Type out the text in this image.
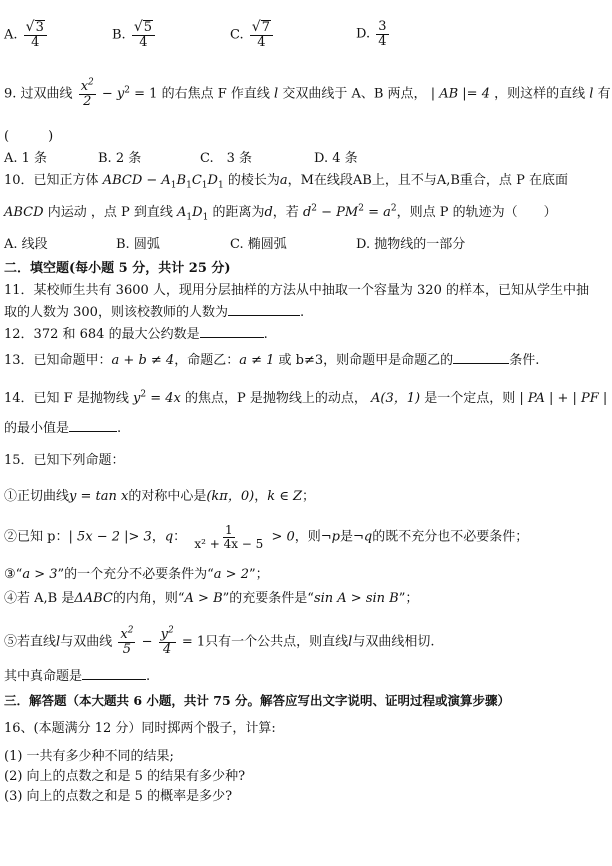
A. $\frac{√ 3}{4}$	B. $\frac{√ 5}{4}$	C. $\frac{√ 7}{4}$	D. $\frac{3}{4}$
9. 过双曲线 $\frac{x^2}{2} - y^2 = 1$ 的右焦点 F 作直线 l 交双曲线于 A、B 两点， | AB |= 4 ，则这样的直线 l 有
(　　　)
A. 1 条	B. 2 条	C.　3 条	D. 4 条
10．已知正方体 ABCD − $A_1B_1C_1D_1$ 的棱长为a，M在线段AB上，且不与A,B重合，点 P 在底面
ABCD 内运动 ，点 P 到直线 $A_1D_1$ 的距离为d，若 $d^2 - PM^2 = a^2$，则点 P 的轨迹为（　　）
A. 线段	B. 圆弧	C. 椭圆弧	D. 抛物线的一部分
二．填空题(每小题 5 分，共计 25 分)
11．某校师生共有 3600 人，现用分层抽样的方法从中抽取一个容量为 320 的样本，已知从学生中抽
取的人数为 300，则该校教师的人数为	.
12．372 和 684 的最大公约数是	.
13．已知命题甲：a + b ≠ 4，命题乙：a ≠ 1 或 b≠3，则命题甲是命题乙的	条件.
14．已知 F 是抛物线 $y^2 = 4x$ 的焦点，P 是抛物线上的动点， A(3，1) 是一个定点，则 | PA | + | PF |
的最小值是	.
15．已知下列命题：
①正切曲线y = tan x的对称中心是(kπ，0)，k ∈ Z；
②已知 p：| 5x − 2 |> 3，q： $\frac{1}{\text{x² + 4x − 5}} > 0$，则¬p是¬q的既不充分也不必要条件；
③“a > 3”的一个充分不必要条件为“a > 2”；
④若 A,B 是ΔABC的内角，则“A > B”的充要条件是“sin A > sin B”；
⑤若直线l与双曲线 $\frac{x^2}{5} - \frac{y^2}{4} = 1$只有一个公共点，则直线l与双曲线相切.
其中真命题是	.
三．解答题（本大题共 6 小题，共计 75 分。解答应写出文字说明、证明过程或演算步骤）
16、(本题满分 12 分）同时掷两个骰子，计算:
(1) 一共有多少种不同的结果;
(2) 向上的点数之和是 5 的结果有多少种?
(3) 向上的点数之和是 5 的概率是多少?
